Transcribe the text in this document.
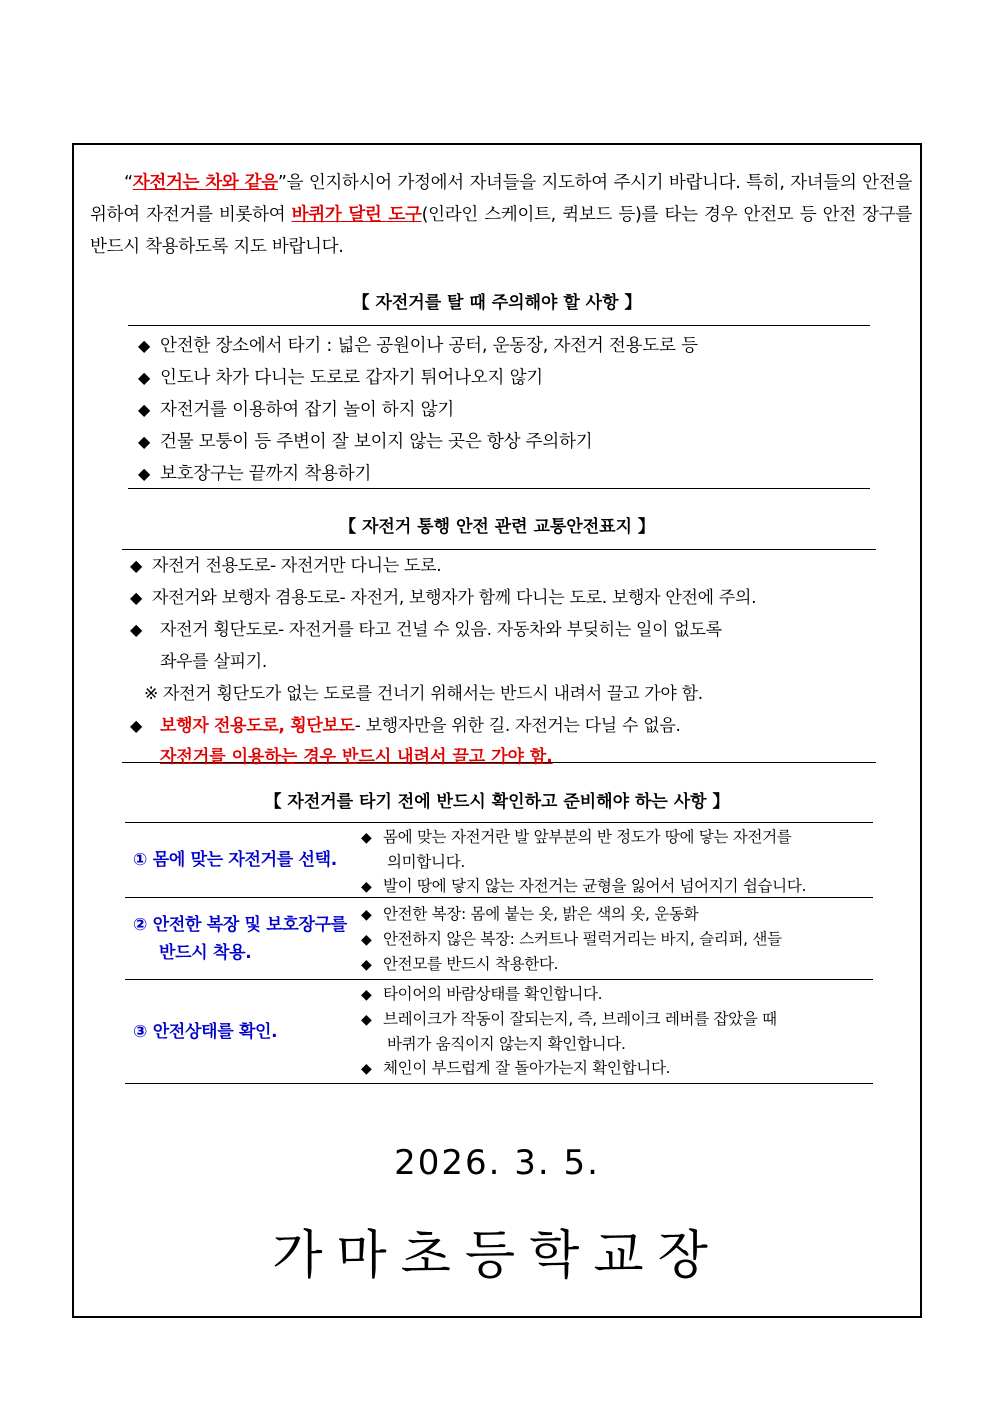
“자전거는 차와 같음”을 인지하시어 가정에서 자녀들을 지도하여 주시기 바랍니다. 특히, 자녀들의 안전을 위하여 자전거를 비롯하여 바퀴가 달린 도구(인라인 스케이트, 퀵보드 등)를 타는 경우 안전모 등 안전 장구를 반드시 착용하도록 지도 바랍니다.
【 자전거를 탈 때 주의해야 할 사항 】
◆ 안전한 장소에서 타기 : 넓은 공원이나 공터, 운동장, 자전거 전용도로 등
◆ 인도나 차가 다니는 도로로 갑자기 튀어나오지 않기
◆ 자전거를 이용하여 잡기 놀이 하지 않기
◆ 건물 모퉁이 등 주변이 잘 보이지 않는 곳은 항상 주의하기
◆ 보호장구는 끝까지 착용하기
【 자전거 통행 안전 관련 교통안전표지 】
◆ 자전거 전용도로- 자전거만 다니는 도로.
◆ 자전거와 보행자 겸용도로- 자전거, 보행자가 함께 다니는 도로. 보행자 안전에 주의.
◆ 자전거 횡단도로- 자전거를 타고 건널 수 있음. 자동차와 부딪히는 일이 없도록
좌우를 살피기.
※ 자전거 횡단도가 없는 도로를 건너기 위해서는 반드시 내려서 끌고 가야 함.
◆ 보행자 전용도로, 횡단보도- 보행자만을 위한 길. 자전거는 다닐 수 없음.
자전거를 이용하는 경우 반드시 내려서 끌고 가야 함.
【 자전거를 타기 전에 반드시 확인하고 준비해야 하는 사항 】
① 몸에 맞는 자전거를 선택.
◆ 몸에 맞는 자전거란 발 앞부분의 반 정도가 땅에 닿는 자전거를
의미합니다.
◆ 발이 땅에 닿지 않는 자전거는 균형을 잃어서 넘어지기 쉽습니다.
② 안전한 복장 및 보호장구를
반드시 착용.
◆ 안전한 복장: 몸에 붙는 옷, 밝은 색의 옷, 운동화
◆ 안전하지 않은 복장: 스커트나 펄럭거리는 바지, 슬리퍼, 샌들
◆ 안전모를 반드시 착용한다.
③ 안전상태를 확인.
◆ 타이어의 바람상태를 확인합니다.
◆ 브레이크가 작동이 잘되는지, 즉, 브레이크 레버를 잡았을 때
바퀴가 움직이지 않는지 확인합니다.
◆ 체인이 부드럽게 잘 돌아가는지 확인합니다.
2026. 3. 5.
가마초등학교장
